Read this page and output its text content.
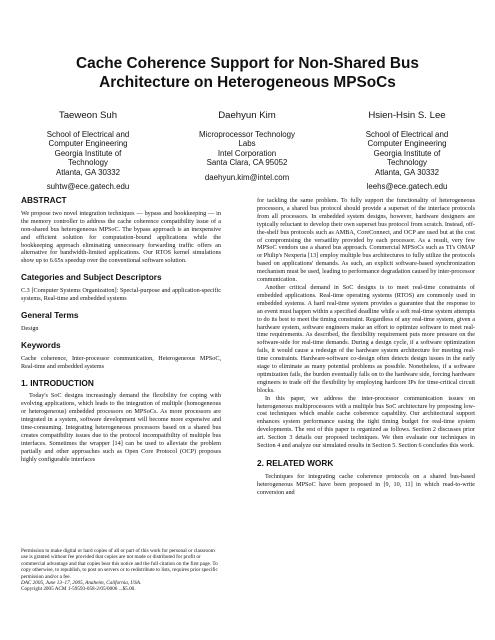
Cache Coherence Support for Non-Shared Bus
Architecture on Heterogeneous MPSoCs
Taeweon Suh
School of Electrical and
Computer Engineering
Georgia Institute of
Technology
Atlanta, GA 30332
suhtw@ece.gatech.edu
Daehyun Kim
Microprocessor Technology
Labs
Intel Corporation
Santa Clara, CA 95052
daehyun.kim@intel.com
Hsien-Hsin S. Lee
School of Electrical and
Computer Engineering
Georgia Institute of
Technology
Atlanta, GA 30332
leehs@ece.gatech.edu
ABSTRACT

We propose two novel integration techniques — bypass and bookkeeping — in the memory controller to address the cache coherence compatibility issue of a non-shared bus heterogeneous MPSoC. The bypass approach is an inexpensive and efficient solution for computation-bound applications while the bookkeeping approach eliminating unnecessary forwarding traffic offers an alternative for bandwidth-limited applications. Our RTOS kernel simulations show up to 6.65x speedup over the conventional software solution.

Categories and Subject Descriptors

C.3 [Computer Systems Organization]: Special-purpose and application-specific systems, Real-time and embedded systems

General Terms

Design

Keywords

Cache coherence, Inter-processor communication, Heterogeneous MPSoC, Real-time and embedded systems

1. INTRODUCTION

Today's SoC designs increasingly demand the flexibility for coping with evolving applications, which leads to the integration of multiple (homogeneous or heterogeneous) embedded processors on MPSoCs. As more processors are integrated in a system, software development will become more expensive and time-consuming. Integrating heterogeneous processors based on a shared bus creates compatibility issues due to the protocol incompatibility of multiple bus interfaces. Sometimes the wrapper [14] can be used to alleviate the problem partially and other approaches such as Open Core Protocol (OCP) proposes highly configurable interfaces

Permission to make digital or hard copies of all or part of this work for personal or classroom use is granted without fee provided that copies are not made or distributed for profit or commercial advantage and that copies bear this notice and the full citation on the first page. To copy otherwise, to republish, to post on servers or to redistribute to lists, requires prior specific permission and/or a fee.

DAC 2005, June 13–17, 2005, Anaheim, California, USA.

Copyright 2005 ACM 1-59593-058-2/05/0006 ...$5.00.

for tackling the same problem. To fully support the functionality of heterogeneous processors, a shared bus protocol should provide a superset of the interface protocols from all processors. In embedded system designs, however, hardware designers are typically reluctant to develop their own superset bus protocol from scratch. Instead, off-the-shelf bus protocols such as AMBA, CoreConnect, and OCP are used but at the cost of compromising the versatility provided by each processor. As a result, very few MPSoC vendors use a shared bus approach. Commercial MPSoCs such as TI's OMAP or Philip's Nexperia [13] employ multiple bus architectures to fully utilize the protocols based on applications' demands. As such, an explicit software-based synchronization mechanism must be used, leading to performance degradation caused by inter-processor communication.

Another critical demand in SoC designs is to meet real-time constraints of embedded applications. Real-time operating systems (RTOS) are commonly used in embedded systems. A hard real-time system provides a guarantee that the response to an event must happen within a specified deadline while a soft real-time system attempts to do its best to meet the timing constraint. Regardless of any real-time system, given a hardware system, software engineers make an effort to optimize software to meet real-time requirements. As described, the flexibility requirement puts more pressure on the software-side for real-time demands. During a design cycle, if a software optimization fails, it would cause a redesign of the hardware system architecture for meeting real-time constraints. Hardware-software co-design often detects design issues in the early stage to eliminate as many potential problems as possible. Nonetheless, if a software optimization fails, the burden eventually falls on to the hardware side, forcing hardware engineers to trade off the flexibility by employing hardcore IPs for time-critical circuit blocks.

In this paper, we address the inter-processor communication issues on heterogeneous multiprocessors with a multiple bus SoC architecture by proposing low-cost techniques which enable cache coherence capability. Our architectural support enhances system performance easing the tight timing budget for real-time system developments. The rest of this paper is organized as follows. Section 2 discusses prior art. Section 3 details our proposed techniques. We then evaluate our techniques in Section 4 and analyze our simulated results in Section 5. Section 6 concludes this work.

2. RELATED WORK

Techniques for integrating cache coherence protocols on a shared bus-based heterogeneous MPSoC have been proposed in [9, 10, 11] in which read-to-write conversion and
